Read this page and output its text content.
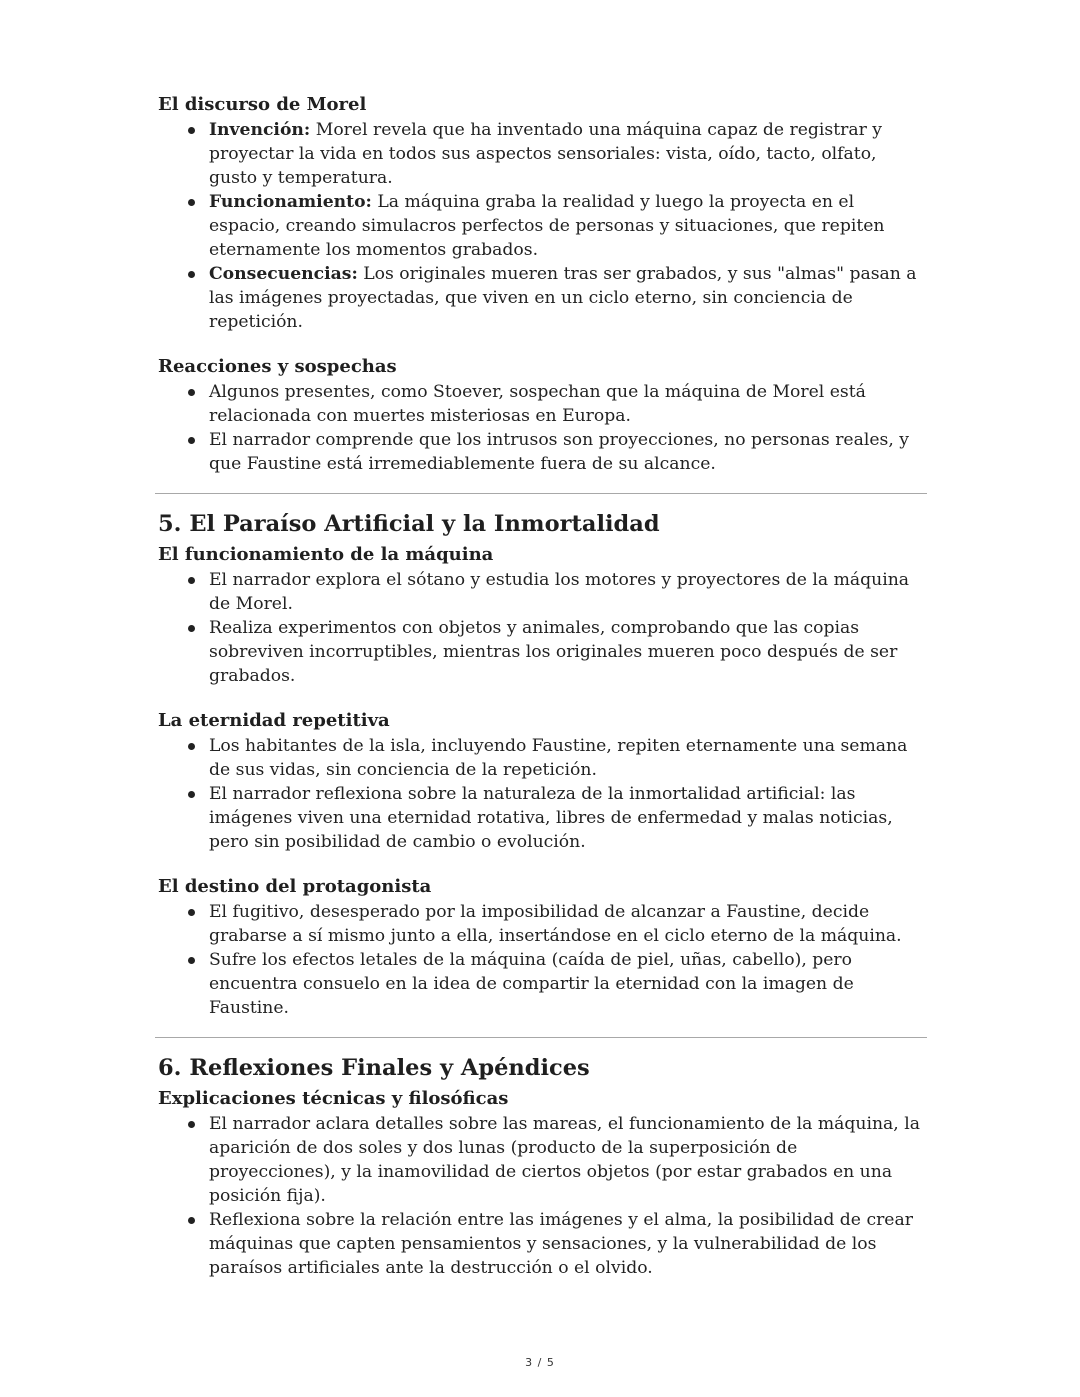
El discurso de Morel
Invención: Morel revela que ha inventado una máquina capaz de registrar y proyectar la vida en todos sus aspectos sensoriales: vista, oído, tacto, olfato, gusto y temperatura.
Funcionamiento: La máquina graba la realidad y luego la proyecta en el espacio, creando simulacros perfectos de personas y situaciones, que repiten eternamente los momentos grabados.
Consecuencias: Los originales mueren tras ser grabados, y sus "almas" pasan a las imágenes proyectadas, que viven en un ciclo eterno, sin conciencia de repetición.
Reacciones y sospechas
Algunos presentes, como Stoever, sospechan que la máquina de Morel está relacionada con muertes misteriosas en Europa.
El narrador comprende que los intrusos son proyecciones, no personas reales, y que Faustine está irremediablemente fuera de su alcance.
5. El Paraíso Artificial y la Inmortalidad
El funcionamiento de la máquina
El narrador explora el sótano y estudia los motores y proyectores de la máquina de Morel.
Realiza experimentos con objetos y animales, comprobando que las copias sobreviven incorruptibles, mientras los originales mueren poco después de ser grabados.
La eternidad repetitiva
Los habitantes de la isla, incluyendo Faustine, repiten eternamente una semana de sus vidas, sin conciencia de la repetición.
El narrador reflexiona sobre la naturaleza de la inmortalidad artificial: las imágenes viven una eternidad rotativa, libres de enfermedad y malas noticias, pero sin posibilidad de cambio o evolución.
El destino del protagonista
El fugitivo, desesperado por la imposibilidad de alcanzar a Faustine, decide grabarse a sí mismo junto a ella, insertándose en el ciclo eterno de la máquina.
Sufre los efectos letales de la máquina (caída de piel, uñas, cabello), pero encuentra consuelo en la idea de compartir la eternidad con la imagen de Faustine.
6. Reflexiones Finales y Apéndices
Explicaciones técnicas y filosóficas
El narrador aclara detalles sobre las mareas, el funcionamiento de la máquina, la aparición de dos soles y dos lunas (producto de la superposición de proyecciones), y la inamovilidad de ciertos objetos (por estar grabados en una posición fija).
Reflexiona sobre la relación entre las imágenes y el alma, la posibilidad de crear máquinas que capten pensamientos y sensaciones, y la vulnerabilidad de los paraísos artificiales ante la destrucción o el olvido.
3 / 5
